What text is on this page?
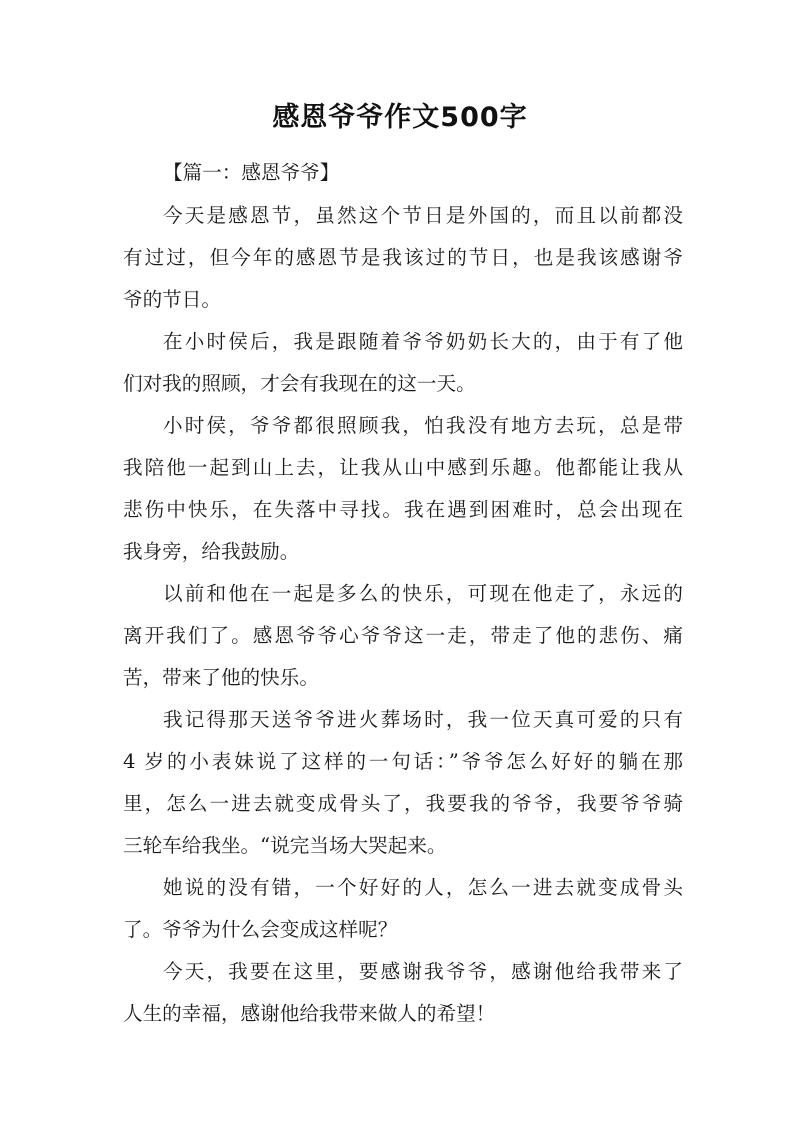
感恩爷爷作文500字
【篇一：感恩爷爷】
今天是感恩节，虽然这个节日是外国的，而且以前都没
有过过，但今年的感恩节是我该过的节日，也是我该感谢爷
爷的节日。
在小时侯后，我是跟随着爷爷奶奶长大的，由于有了他
们对我的照顾，才会有我现在的这一天。
小时侯，爷爷都很照顾我，怕我没有地方去玩，总是带
我陪他一起到山上去，让我从山中感到乐趣。他都能让我从
悲伤中快乐，在失落中寻找。我在遇到困难时，总会出现在
我身旁，给我鼓励。
以前和他在一起是多么的快乐，可现在他走了，永远的
离开我们了。感恩爷爷心爷爷这一走，带走了他的悲伤、痛
苦，带来了他的快乐。
我记得那天送爷爷进火葬场时，我一位天真可爱的只有
4 岁的小表妹说了这样的一句话：”爷爷怎么好好的躺在那
里，怎么一进去就变成骨头了，我要我的爷爷，我要爷爷骑
三轮车给我坐。“说完当场大哭起来。
她说的没有错，一个好好的人，怎么一进去就变成骨头
了。爷爷为什么会变成这样呢？
今天，我要在这里，要感谢我爷爷，感谢他给我带来了
人生的幸福，感谢他给我带来做人的希望！
